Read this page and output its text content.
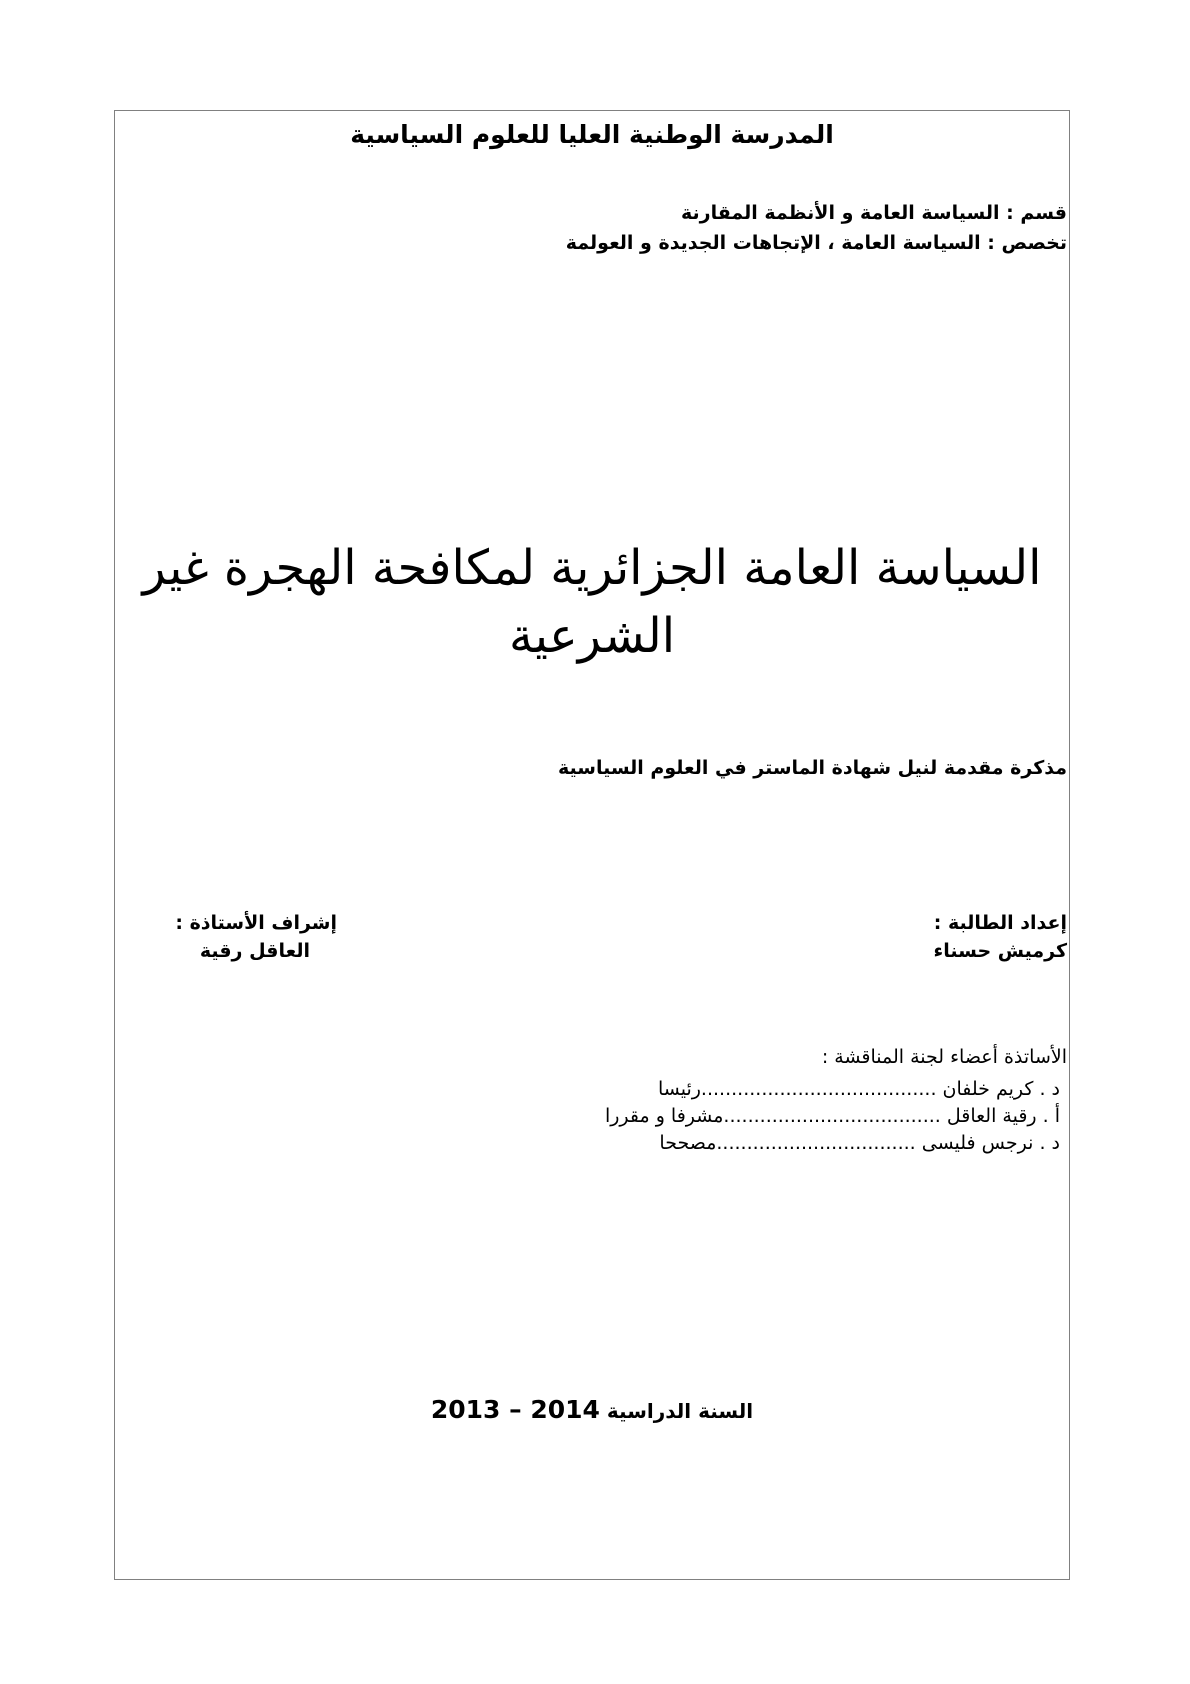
المدرسة الوطنية العليا للعلوم السياسية

قسم : السياسة العامة و الأنظمة المقارنة

تخصص : السياسة العامة ، الإتجاهات الجديدة و العولمة

السياسة العامة الجزائرية لمكافحة الهجرة غير
الشرعية

مذكرة مقدمة لنيل شهادة الماستر في العلوم السياسية

إعداد الطالبة :

كرميش حسناء

إشراف الأستاذة :

العاقل رقية

الأساتذة أعضاء لجنة المناقشة :

د . كريم خلفان .......................................رئيسا

أ . رقية العاقل ....................................مشرفا و مقررا

د . نرجس فليسى .................................مصححا

السنة الدراسية 2013 – 2014
